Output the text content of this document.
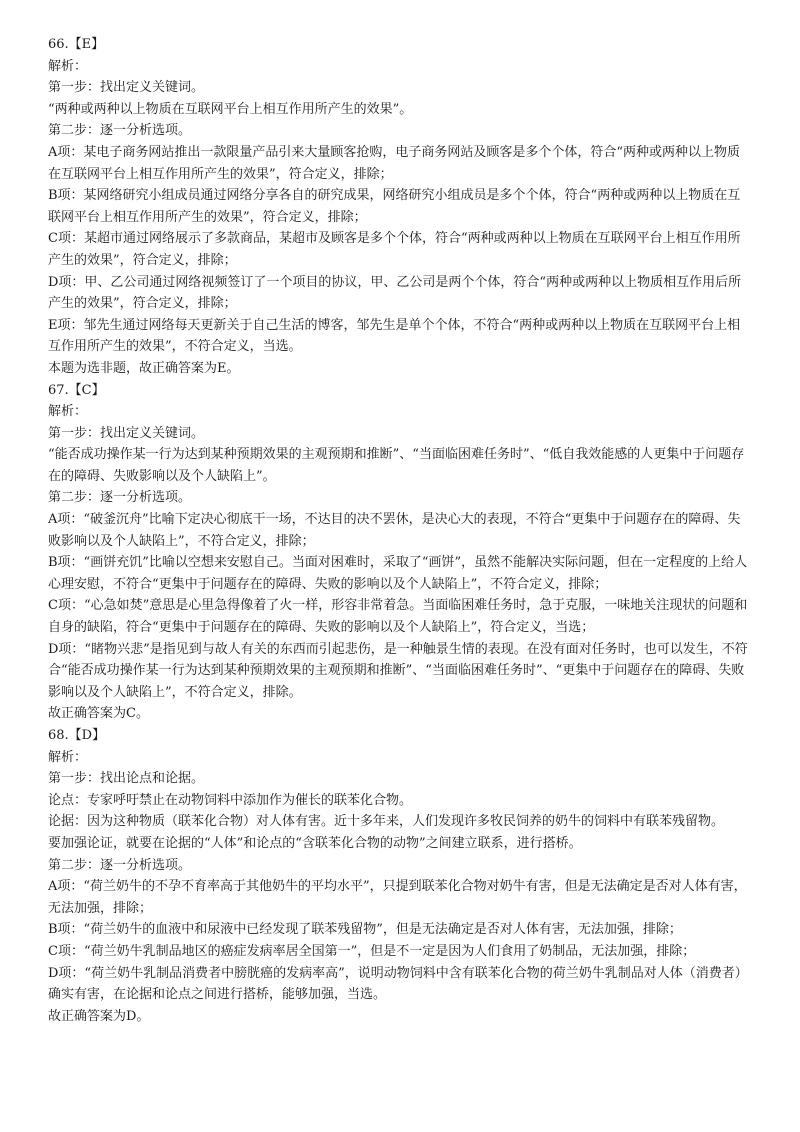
66.【E】

解析：

第一步：找出定义关键词。

“两种或两种以上物质在互联网平台上相互作用所产生的效果”。

第二步：逐一分析选项。

A项：某电子商务网站推出一款限量产品引来大量顾客抢购，电子商务网站及顾客是多个个体，符合“两种或两种以上物质在互联网平台上相互作用所产生的效果”，符合定义，排除；

B项：某网络研究小组成员通过网络分享各自的研究成果，网络研究小组成员是多个个体，符合“两种或两种以上物质在互联网平台上相互作用所产生的效果”，符合定义，排除；

C项：某超市通过网络展示了多款商品，某超市及顾客是多个个体，符合“两种或两种以上物质在互联网平台上相互作用所产生的效果”，符合定义，排除；

D项：甲、乙公司通过网络视频签订了一个项目的协议，甲、乙公司是两个个体，符合“两种或两种以上物质相互作用后所产生的效果”，符合定义，排除；

E项：邹先生通过网络每天更新关于自己生活的博客，邹先生是单个个体，不符合“两种或两种以上物质在互联网平台上相互作用所产生的效果”，不符合定义，当选。

本题为选非题，故正确答案为E。

67.【C】

解析：

第一步：找出定义关键词。

“能否成功操作某一行为达到某种预期效果的主观预期和推断”、“当面临困难任务时”、“低自我效能感的人更集中于问题存在的障碍、失败影响以及个人缺陷上”。

第二步：逐一分析选项。

A项：“破釜沉舟”比喻下定决心彻底干一场，不达目的决不罢休，是决心大的表现，不符合“更集中于问题存在的障碍、失败影响以及个人缺陷上”，不符合定义，排除；

B项：“画饼充饥”比喻以空想来安慰自己。当面对困难时，采取了“画饼”，虽然不能解决实际问题，但在一定程度的上给人心理安慰，不符合“更集中于问题存在的障碍、失败的影响以及个人缺陷上”，不符合定义，排除；

C项：“心急如焚”意思是心里急得像着了火一样，形容非常着急。当面临困难任务时，急于克服，一味地关注现状的问题和自身的缺陷，符合“更集中于问题存在的障碍、失败的影响以及个人缺陷上”，符合定义，当选；

D项：“睹物兴悲”是指见到与故人有关的东西而引起悲伤，是一种触景生情的表现。在没有面对任务时，也可以发生，不符合“能否成功操作某一行为达到某种预期效果的主观预期和推断”、“当面临困难任务时”、“更集中于问题存在的障碍、失败影响以及个人缺陷上”，不符合定义，排除。

故正确答案为C。

68.【D】

解析：

第一步：找出论点和论据。

论点：专家呼吁禁止在动物饲料中添加作为催长的联苯化合物。

论据：因为这种物质（联苯化合物）对人体有害。近十多年来，人们发现许多牧民饲养的奶牛的饲料中有联苯残留物。

要加强论证，就要在论据的“人体”和论点的“含联苯化合物的动物”之间建立联系，进行搭桥。

第二步：逐一分析选项。

A项：“荷兰奶牛的不孕不育率高于其他奶牛的平均水平”，只提到联苯化合物对奶牛有害，但是无法确定是否对人体有害，无法加强，排除；

B项：“荷兰奶牛的血液中和尿液中已经发现了联苯残留物”，但是无法确定是否对人体有害，无法加强，排除；

C项：“荷兰奶牛乳制品地区的癌症发病率居全国第一”，但是不一定是因为人们食用了奶制品，无法加强，排除；

D项：“荷兰奶牛乳制品消费者中膀胱癌的发病率高”，说明动物饲料中含有联苯化合物的荷兰奶牛乳制品对人体（消费者）确实有害，在论据和论点之间进行搭桥，能够加强，当选。

故正确答案为D。
